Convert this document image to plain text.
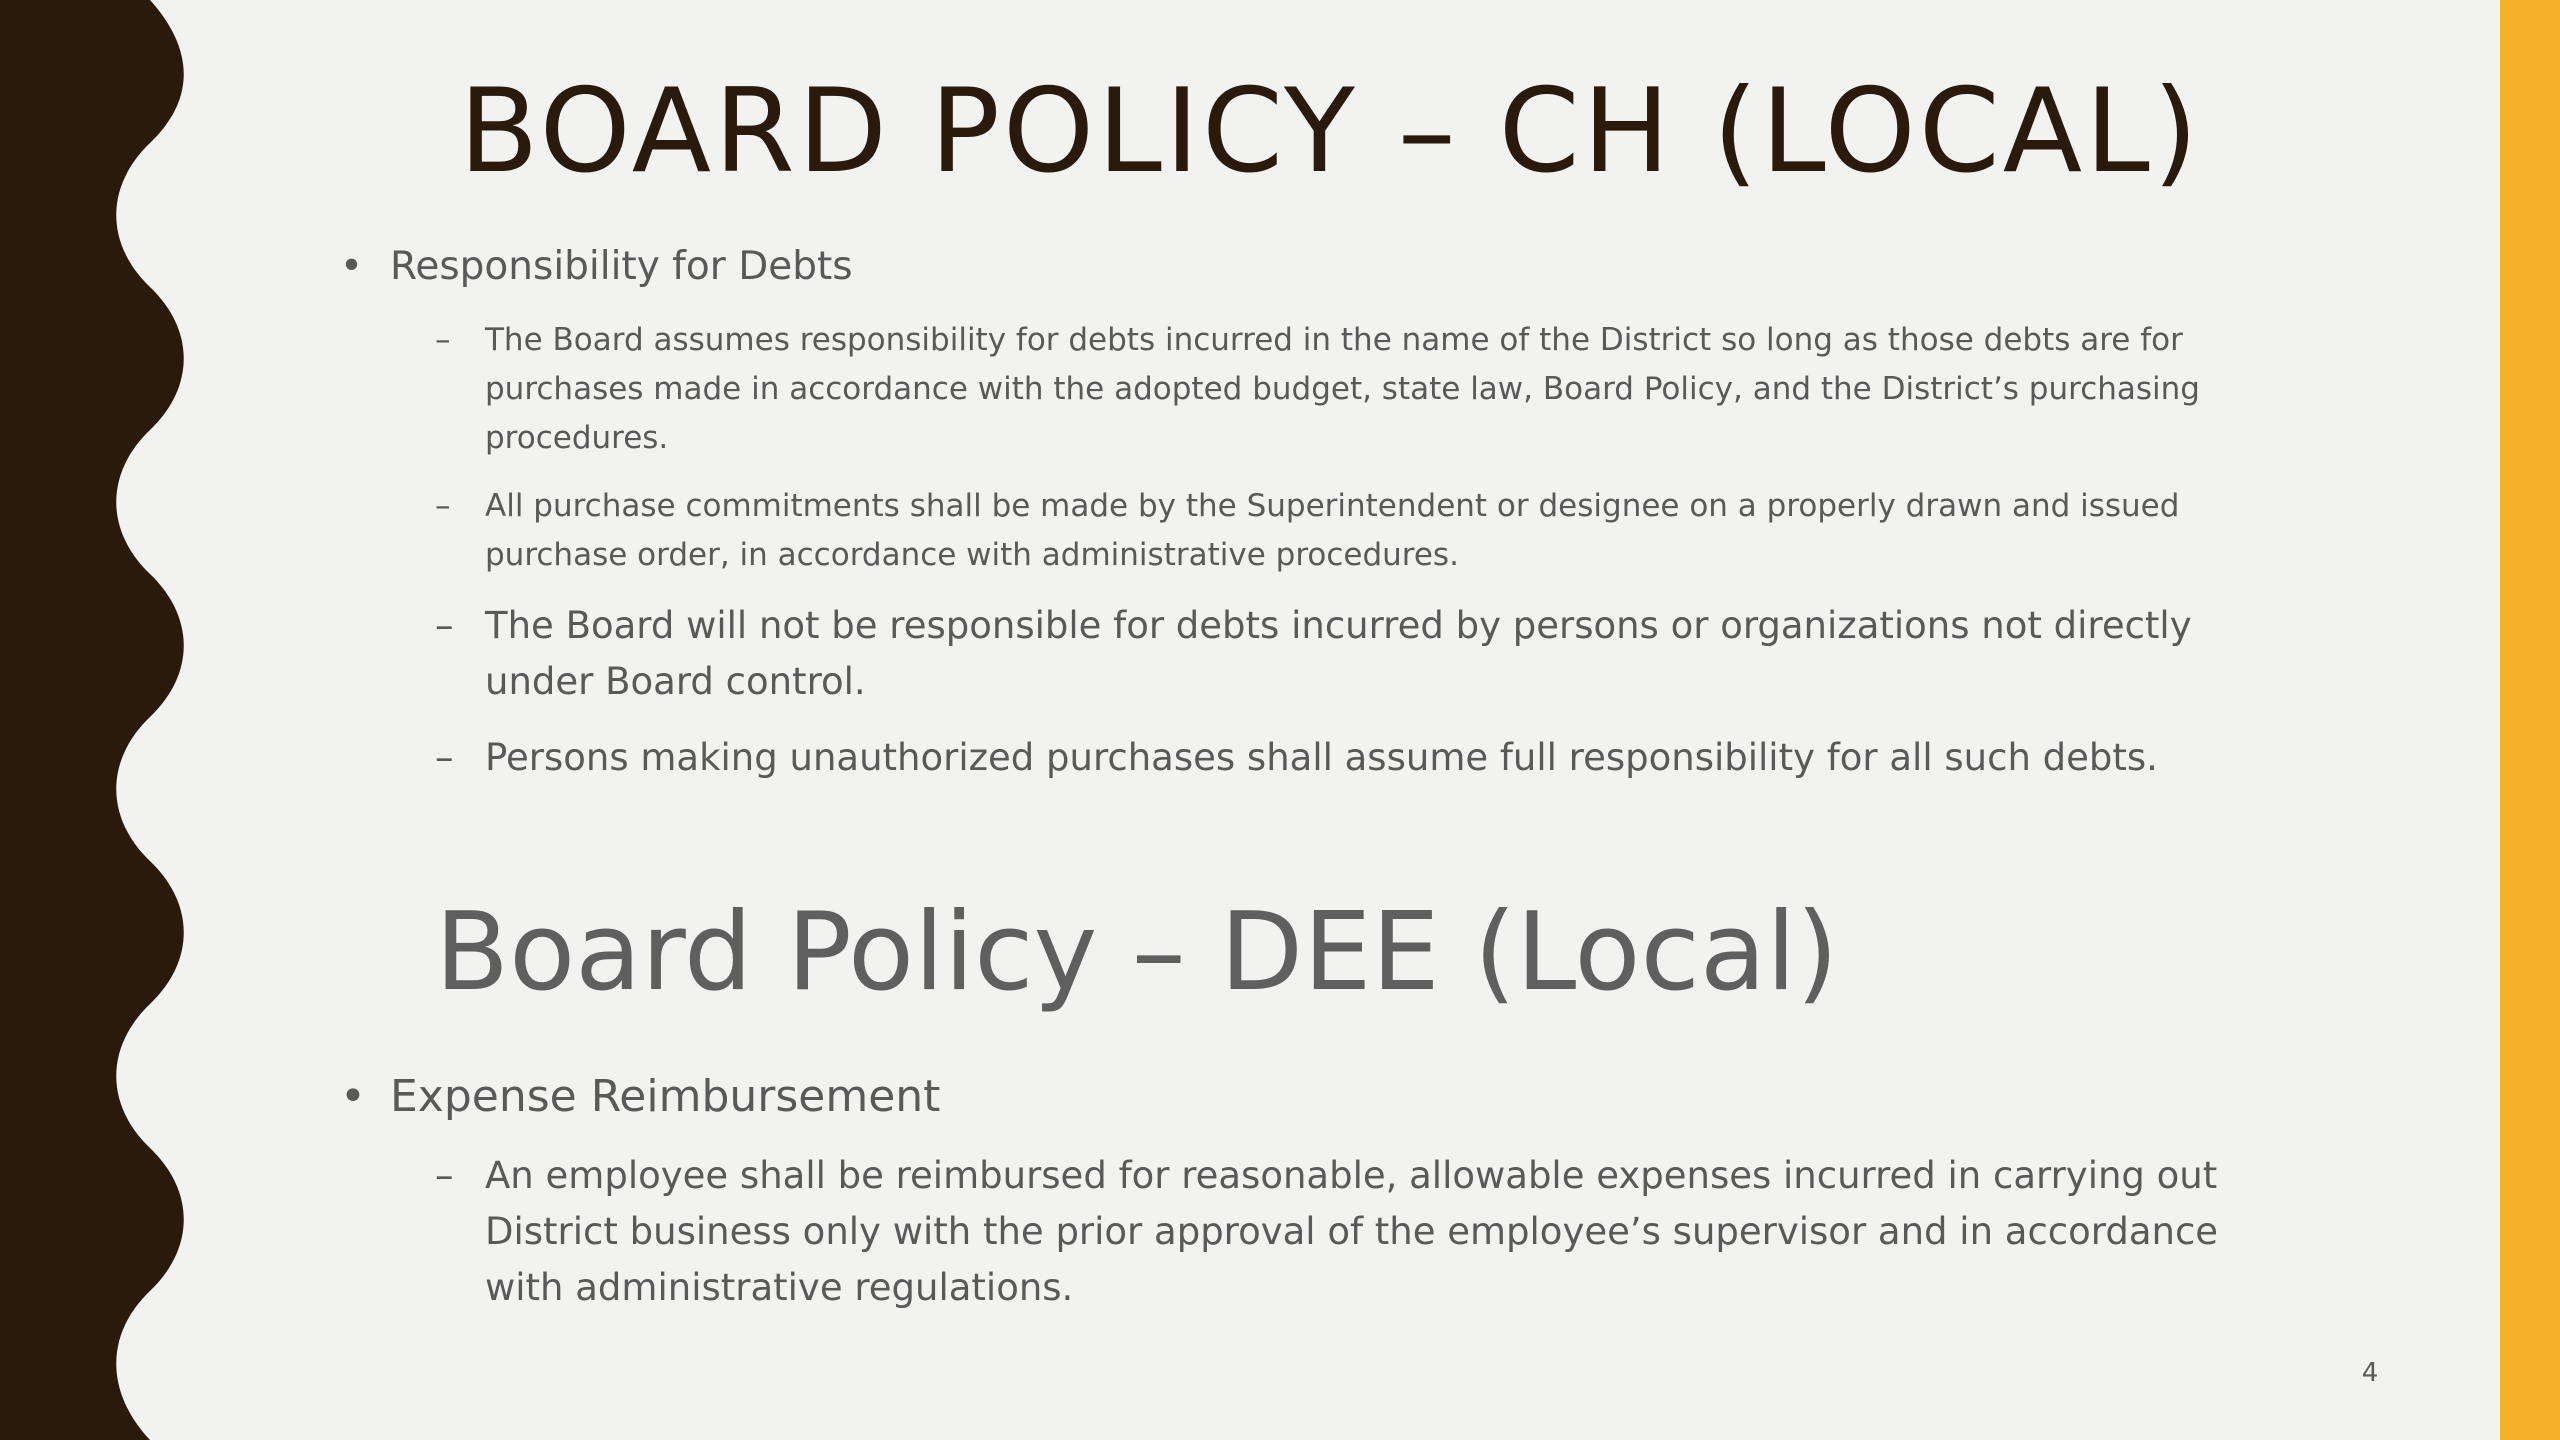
BOARD POLICY – CH (LOCAL)
• Responsibility for Debts
– The Board assumes responsibility for debts incurred in the name of the District so long as those debts are for purchases made in accordance with the adopted budget, state law, Board Policy, and the District’s purchasing procedures.
– All purchase commitments shall be made by the Superintendent or designee on a properly drawn and issued purchase order, in accordance with administrative procedures.
– The Board will not be responsible for debts incurred by persons or organizations not directly under Board control.
– Persons making unauthorized purchases shall assume full responsibility for all such debts.
Board Policy – DEE (Local)
• Expense Reimbursement
– An employee shall be reimbursed for reasonable, allowable expenses incurred in carrying out District business only with the prior approval of the employee’s supervisor and in accordance with administrative regulations.
4
